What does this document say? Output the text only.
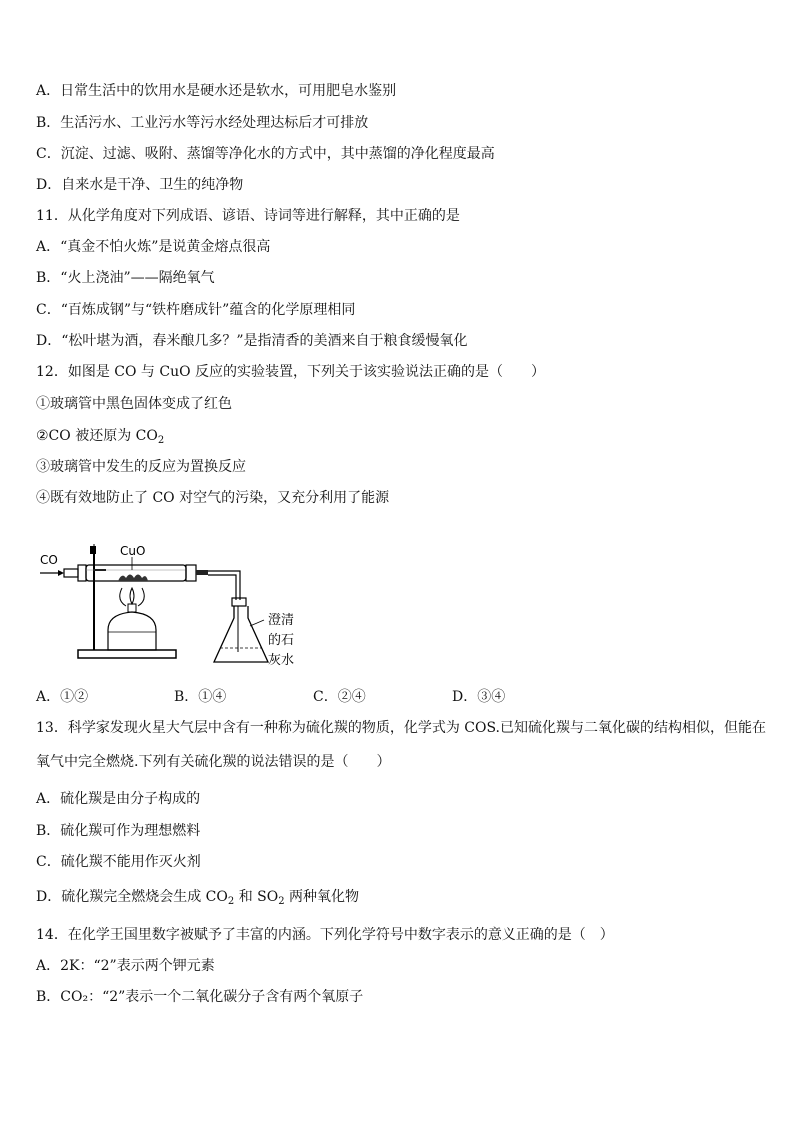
A．日常生活中的饮用水是硬水还是软水，可用肥皂水鉴别
B．生活污水、工业污水等污水经处理达标后才可排放
C．沉淀、过滤、吸附、蒸馏等净化水的方式中，其中蒸馏的净化程度最高
D．自来水是干净、卫生的纯净物
11．从化学角度对下列成语、谚语、诗词等进行解释，其中正确的是
A．“真金不怕火炼”是说黄金熔点很高
B．“火上浇油”——隔绝氧气
C．“百炼成钢”与“铁杵磨成针”蕴含的化学原理相同
D．“松叶堪为酒，春米酿几多？”是指清香的美酒来自于粮食缓慢氧化
12．如图是 CO 与 CuO 反应的实验装置，下列关于该实验说法正确的是（　　）
①玻璃管中黑色固体变成了红色
②CO 被还原为 $CO_2$
③玻璃管中发生的反应为置换反应
④既有效地防止了 CO 对空气的污染，又充分利用了能源
CO
CuO
澄清
的石
灰水
A．①②	B．①④	C．②④	D．③④
13．科学家发现火星大气层中含有一种称为硫化羰的物质，化学式为 COS.已知硫化羰与二氧化碳的结构相似，但能在
氧气中完全燃烧.下列有关硫化羰的说法错误的是（　　）
A．硫化羰是由分子构成的
B．硫化羰可作为理想燃料
C．硫化羰不能用作灭火剂
D．硫化羰完全燃烧会生成 $CO_2$ 和 $SO_2$ 两种氧化物
14．在化学王国里数字被赋予了丰富的内涵。下列化学符号中数字表示的意义正确的是（　）
A．2K：“2”表示两个钾元素
B．CO₂：“2”表示一个二氧化碳分子含有两个氧原子
